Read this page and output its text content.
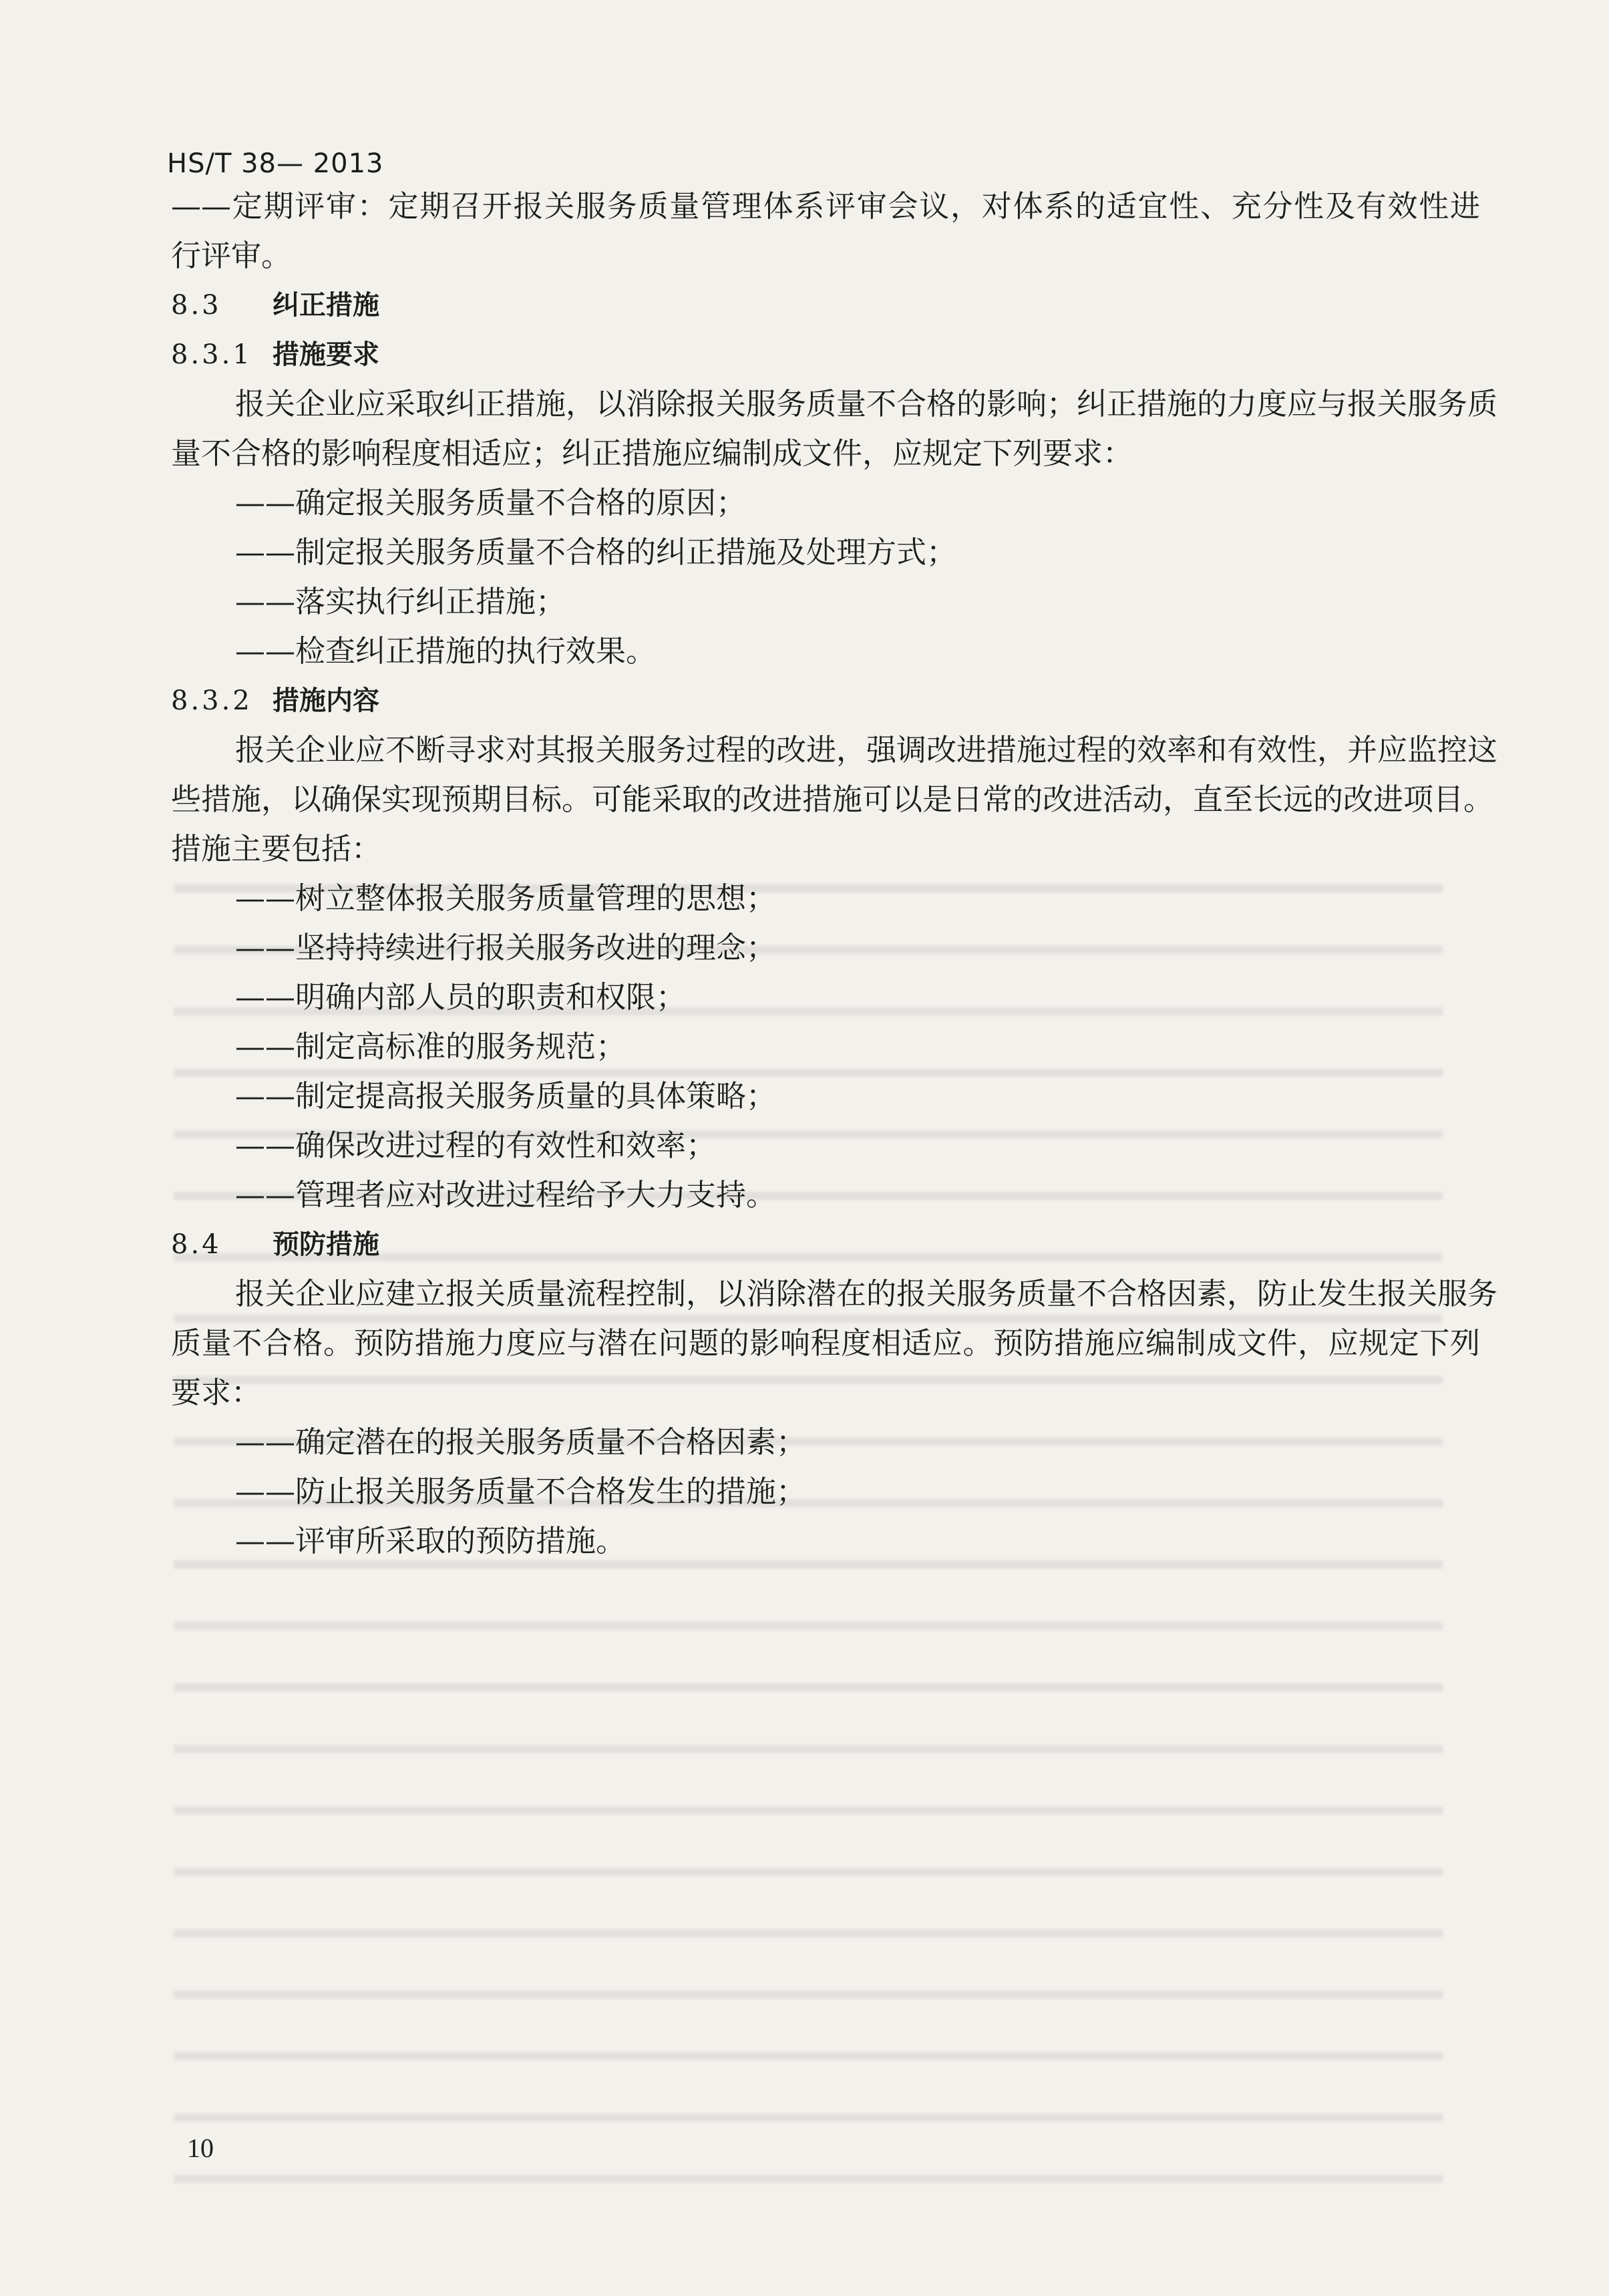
HS/T 38— 2013
——定期评审：定期召开报关服务质量管理体系评审会议，对体系的适宜性、充分性及有效性进
行评审。
8.3 纠正措施
8.3.1 措施要求
报关企业应采取纠正措施，以消除报关服务质量不合格的影响；纠正措施的力度应与报关服务质
量不合格的影响程度相适应；纠正措施应编制成文件，应规定下列要求：
——确定报关服务质量不合格的原因；
——制定报关服务质量不合格的纠正措施及处理方式；
——落实执行纠正措施；
——检查纠正措施的执行效果。
8.3.2 措施内容
报关企业应不断寻求对其报关服务过程的改进，强调改进措施过程的效率和有效性，并应监控这
些措施，以确保实现预期目标。可能采取的改进措施可以是日常的改进活动，直至长远的改进项目。
措施主要包括：
——树立整体报关服务质量管理的思想；
——坚持持续进行报关服务改进的理念；
——明确内部人员的职责和权限；
——制定高标准的服务规范；
——制定提高报关服务质量的具体策略；
——确保改进过程的有效性和效率；
——管理者应对改进过程给予大力支持。
8.4 预防措施
报关企业应建立报关质量流程控制，以消除潜在的报关服务质量不合格因素，防止发生报关服务
质量不合格。预防措施力度应与潜在问题的影响程度相适应。预防措施应编制成文件，应规定下列
要求：
——确定潜在的报关服务质量不合格因素；
——防止报关服务质量不合格发生的措施；
——评审所采取的预防措施。
10
